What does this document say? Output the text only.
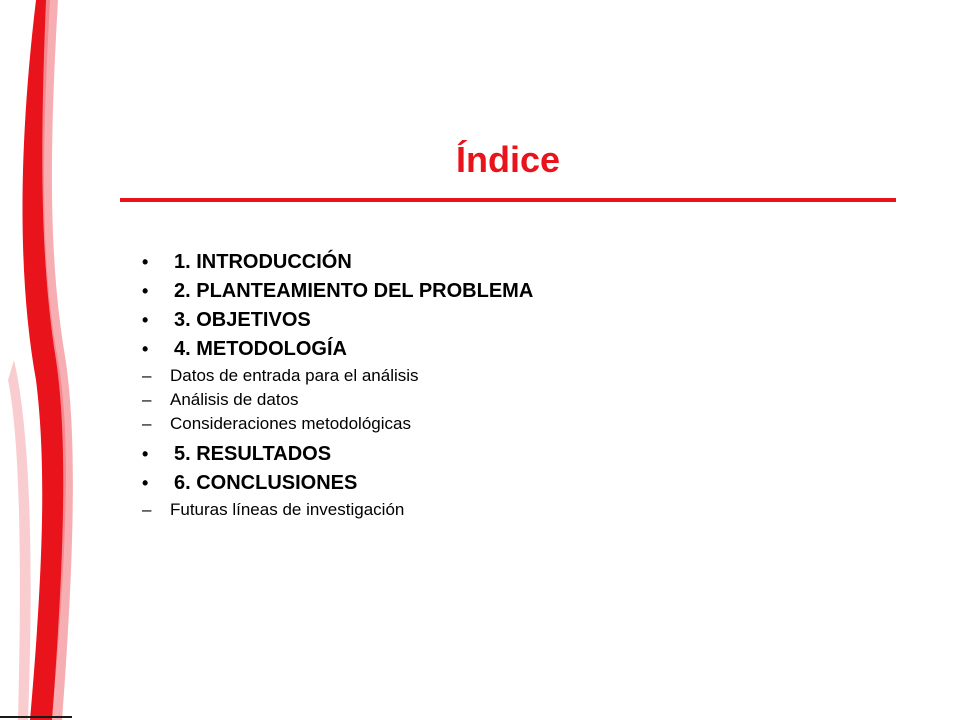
Índice
•	1. INTRODUCCIÓN
•	2. PLANTEAMIENTO DEL PROBLEMA
•	3. OBJETIVOS
•	4. METODOLOGÍA
–	Datos de entrada para el análisis
–	Análisis de datos
–	Consideraciones metodológicas
•	5. RESULTADOS
•	6. CONCLUSIONES
–	Futuras líneas de investigación
